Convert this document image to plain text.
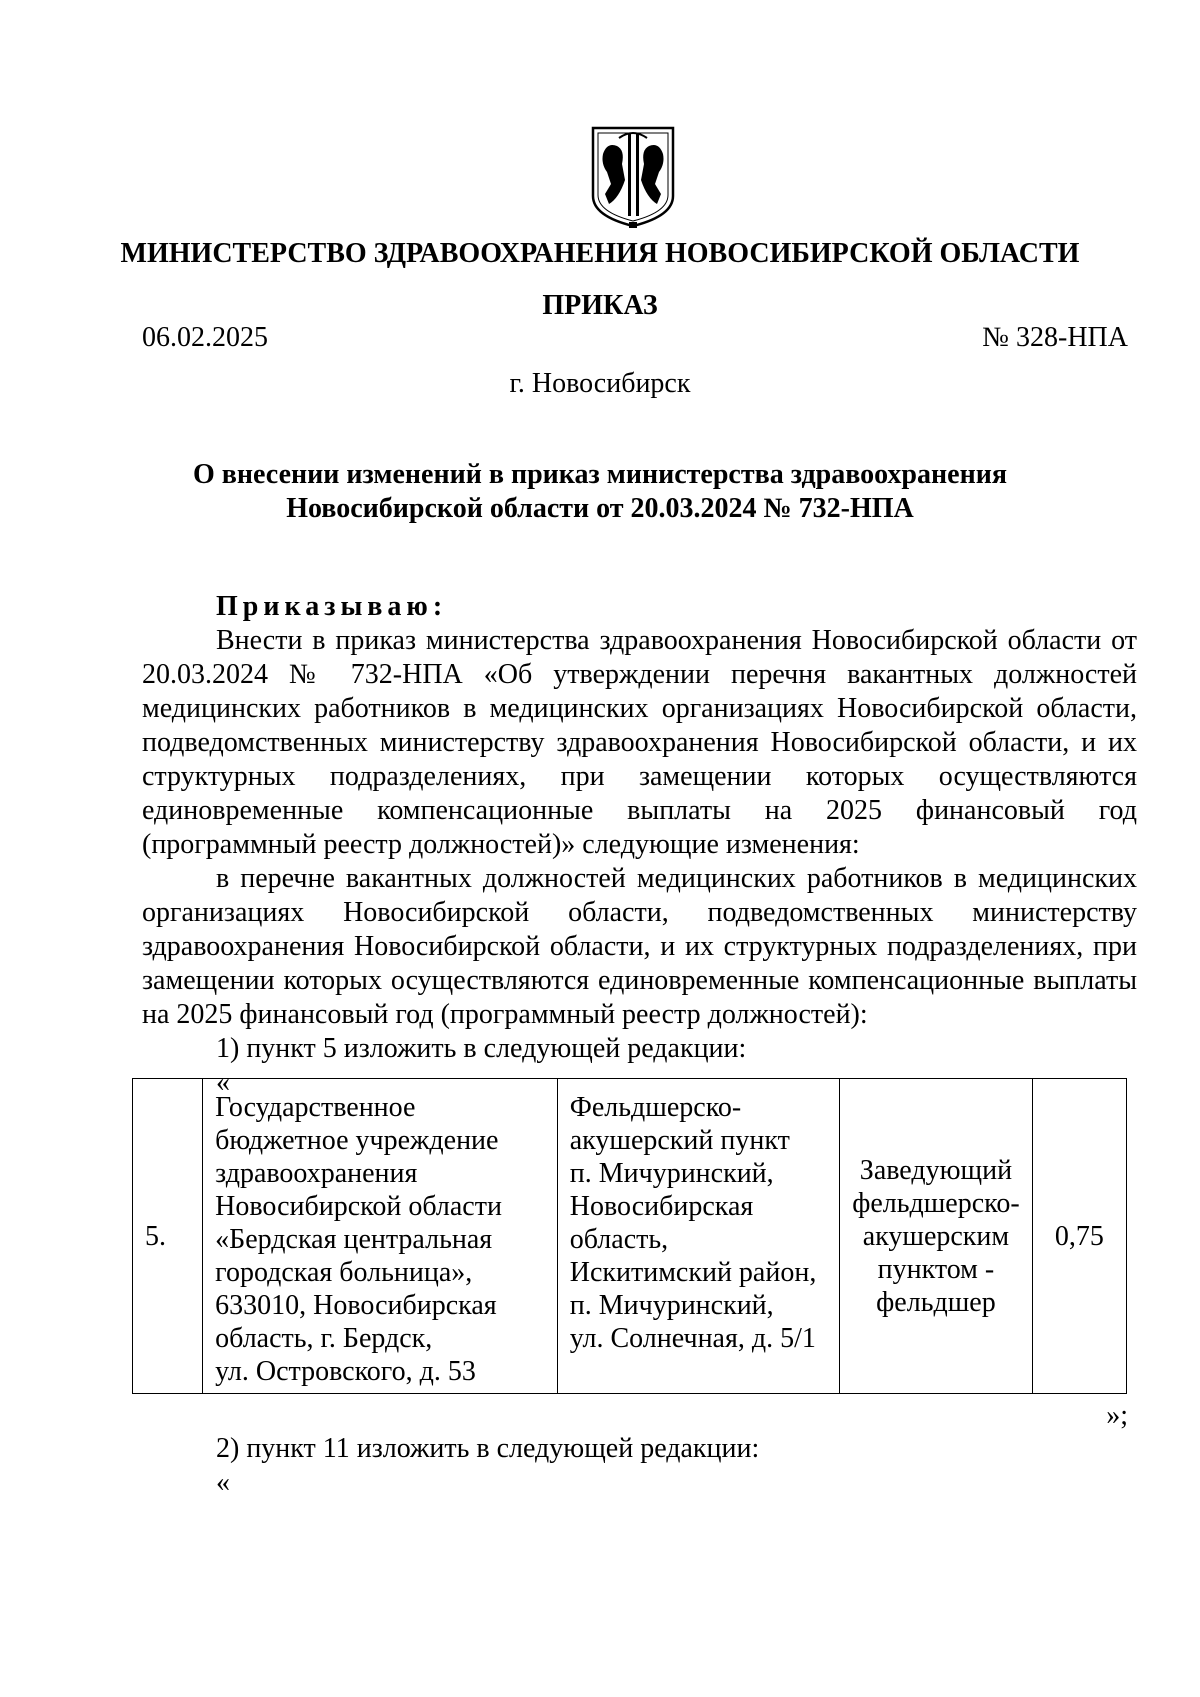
МИНИСТЕРСТВО ЗДРАВООХРАНЕНИЯ НОВОСИБИРСКОЙ ОБЛАСТИ
ПРИКАЗ
06.02.2025	№ 328-НПА
г. Новосибирск
О внесении изменений в приказ министерства здравоохранения
Новосибирской области от 20.03.2024 № 732-НПА

Приказываю:

Внести в приказ министерства здравоохранения Новосибирской области от 20.03.2024 № 732-НПА «Об утверждении перечня вакантных должностей медицинских работников в медицинских организациях Новосибирской области, подведомственных министерству здравоохранения Новосибирской области, и их структурных подразделениях, при замещении которых осуществляются единовременные компенсационные выплаты на 2025 финансовый год (программный реестр должностей)» следующие изменения:

в перечне вакантных должностей медицинских работников в медицинских организациях Новосибирской области, подведомственных министерству здравоохранения Новосибирской области, и их структурных подразделениях, при замещении которых осуществляются единовременные компенсационные выплаты на 2025 финансовый год (программный реестр должностей):

1) пункт 5 изложить в следующей редакции:

«

5.	Государственное
бюджетное учреждение
здравоохранения
Новосибирской области
«Бердская центральная
городская больница»,
633010, Новосибирская
область, г. Бердск,
ул. Островского, д. 53	Фельдшерско-
акушерский пункт
п. Мичуринский,
Новосибирская
область,
Искитимский район,
п. Мичуринский,
ул. Солнечная, д. 5/1	Заведующий
фельдшерско-
акушерским
пунктом -
фельдшер	0,75
»;

2) пункт 11 изложить в следующей редакции:

«
